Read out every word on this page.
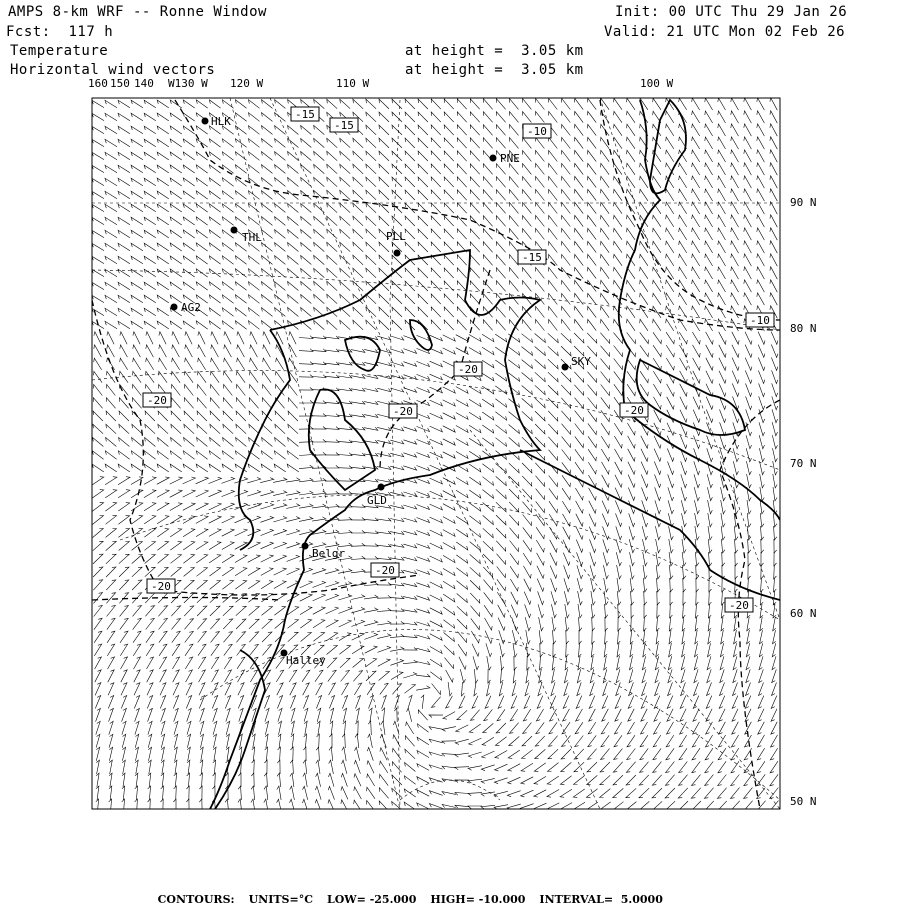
AMPS 8-km WRF -- Ronne Window
Fcst:  117 h
Temperature
Horizontal wind vectors
at height =  3.05 km
at height =  3.05 km
Init: 00 UTC Thu 29 Jan 26
Valid: 21 UTC Mon 02 Feb 26
160 150 140 W130 W 120 W	110 W	100 W
90 N
80 N
70 N
60 N
50 N
-15
-15	-10
-15
-10
-20
-20
-20	-20
-20
-20
-20
HLK
PNE
THL	PLL
AG2
SKY
GLD
Belgr
Halley

CONTOURS: UNITS=°C LOW= -25.000 HIGH= -10.000 INTERVAL=  5.0000
